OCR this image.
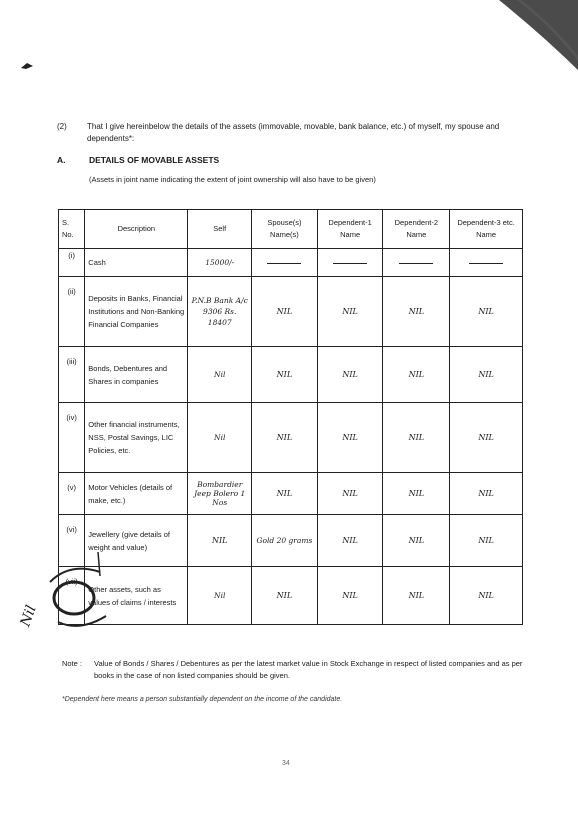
(2)	That I give hereinbelow the details of the assets (immovable, movable, bank balance, etc.) of myself, my spouse and dependents*:
A.	DETAILS OF MOVABLE ASSETS
(Assets in joint name indicating the extent of joint ownership will also have to be given)
S. No.	Description	Self	Spouse(s) Name(s)	Dependent-1 Name	Dependent-2 Name	Dependent-3 etc. Name
(i)	Cash	15000/-				
(ii)	Deposits in Banks, Financial Institutions and Non-Banking Financial Companies	P.N.B Bank A/c 9306 Rs. 18407	NIL	NIL	NIL	NIL
(iii)	Bonds, Debentures and Shares in companies	Nil	NIL	NIL	NIL	NIL
(iv)	Other financial instruments, NSS, Postal Savings, LIC Policies, etc.	Nil	NIL	NIL	NIL	NIL
(v)	Motor Vehicles (details of make, etc.)	Bombardier Jeep Bolero 1 Nos	NIL	NIL	NIL	NIL
(vi)	Jewellery (give details of weight and value)	NIL	Gold 20 grams	NIL	NIL	NIL
(vii)	Other assets, such as values of claims / interests	Nil	NIL	NIL	NIL	NIL
Nil
Note : Value of Bonds / Shares / Debentures as per the latest market value in Stock Exchange in respect of listed companies and as per books in the case of non listed companies should be given.
*Dependent here means a person substantially dependent on the income of the candidate.
34
